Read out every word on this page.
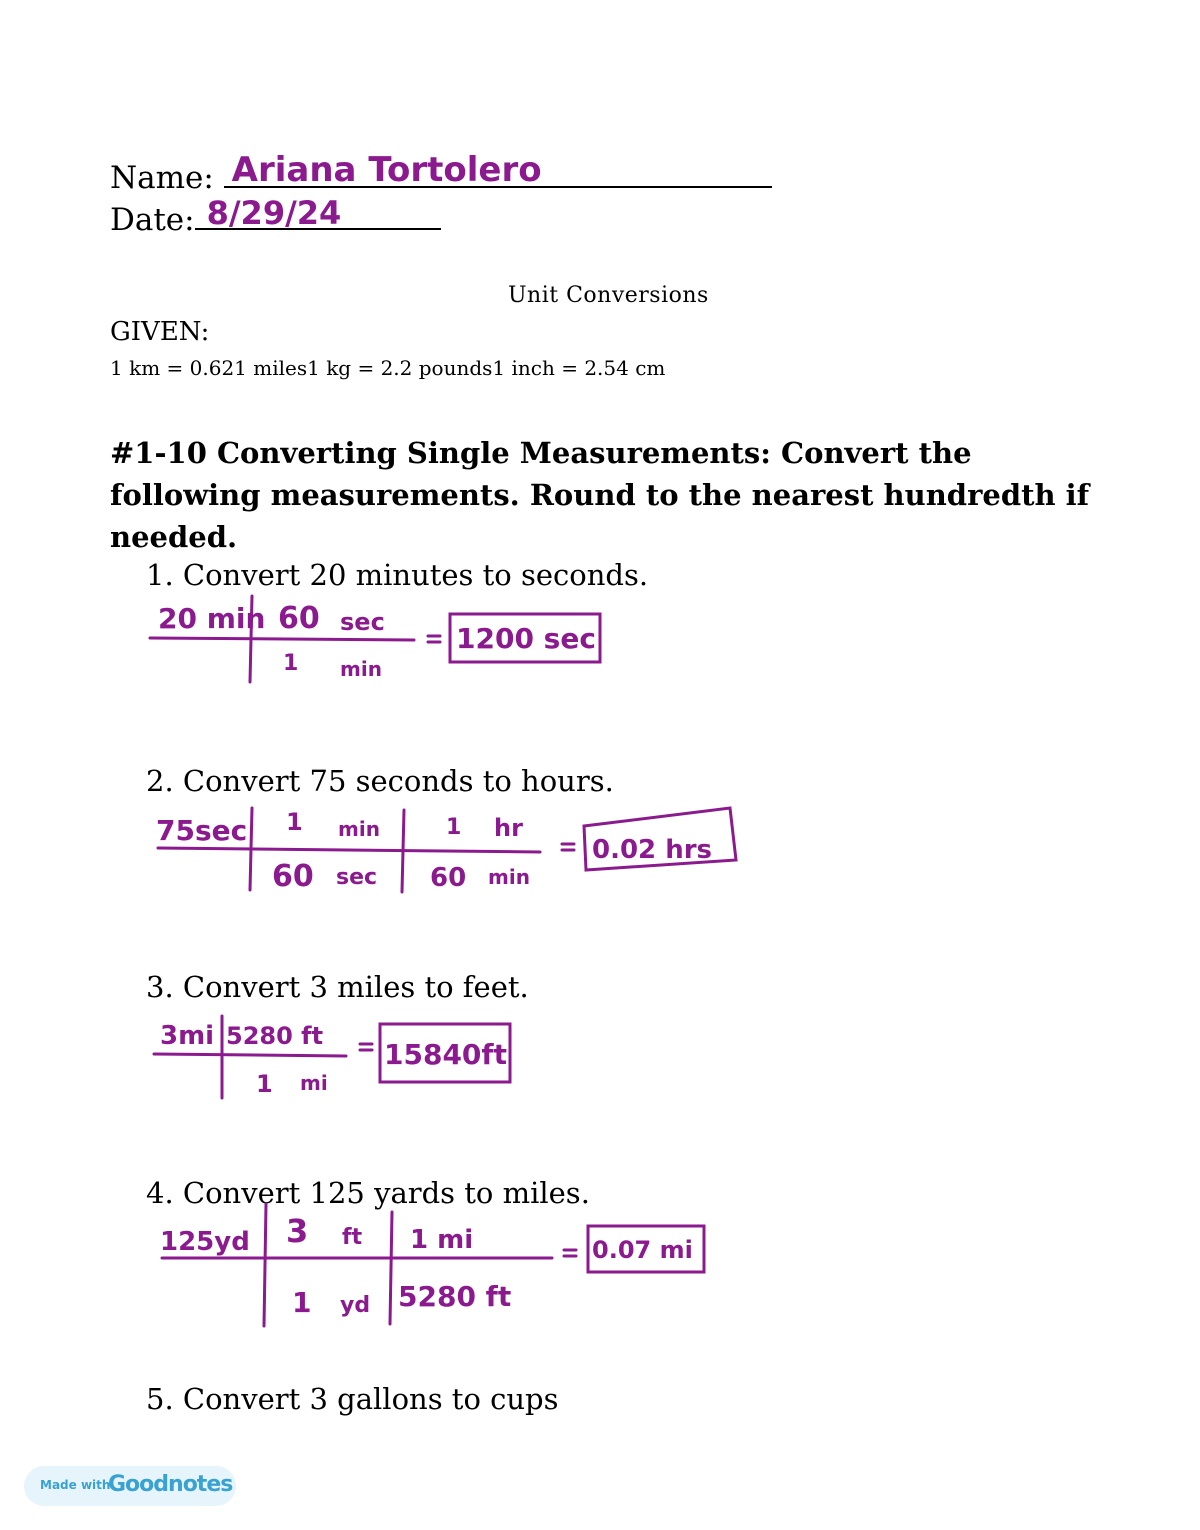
Name: Ariana Tortolero
Date: 8/29/24
Unit Conversions
GIVEN:
1 km = 0.621 miles1 kg = 2.2 pounds1 inch = 2.54 cm
#1-10 Converting Single Measurements: Convert the following measurements. Round to the nearest hundredth if needed.
1. Convert 20 minutes to seconds.
2. Convert 75 seconds to hours.
3. Convert 3 miles to feet.
4. Convert 125 yards to miles.
5. Convert 3 gallons to cups
20 min 60 sec
1 min
1200 sec
75sec 1 min
60 sec
1 hr
60 min
0.02 hrs
3mi 5280 ft
1 mi
15840ft
125yd 3 ft
1 yd
1 mi
5280 ft
0.07 mi
Made with
Goodnotes
